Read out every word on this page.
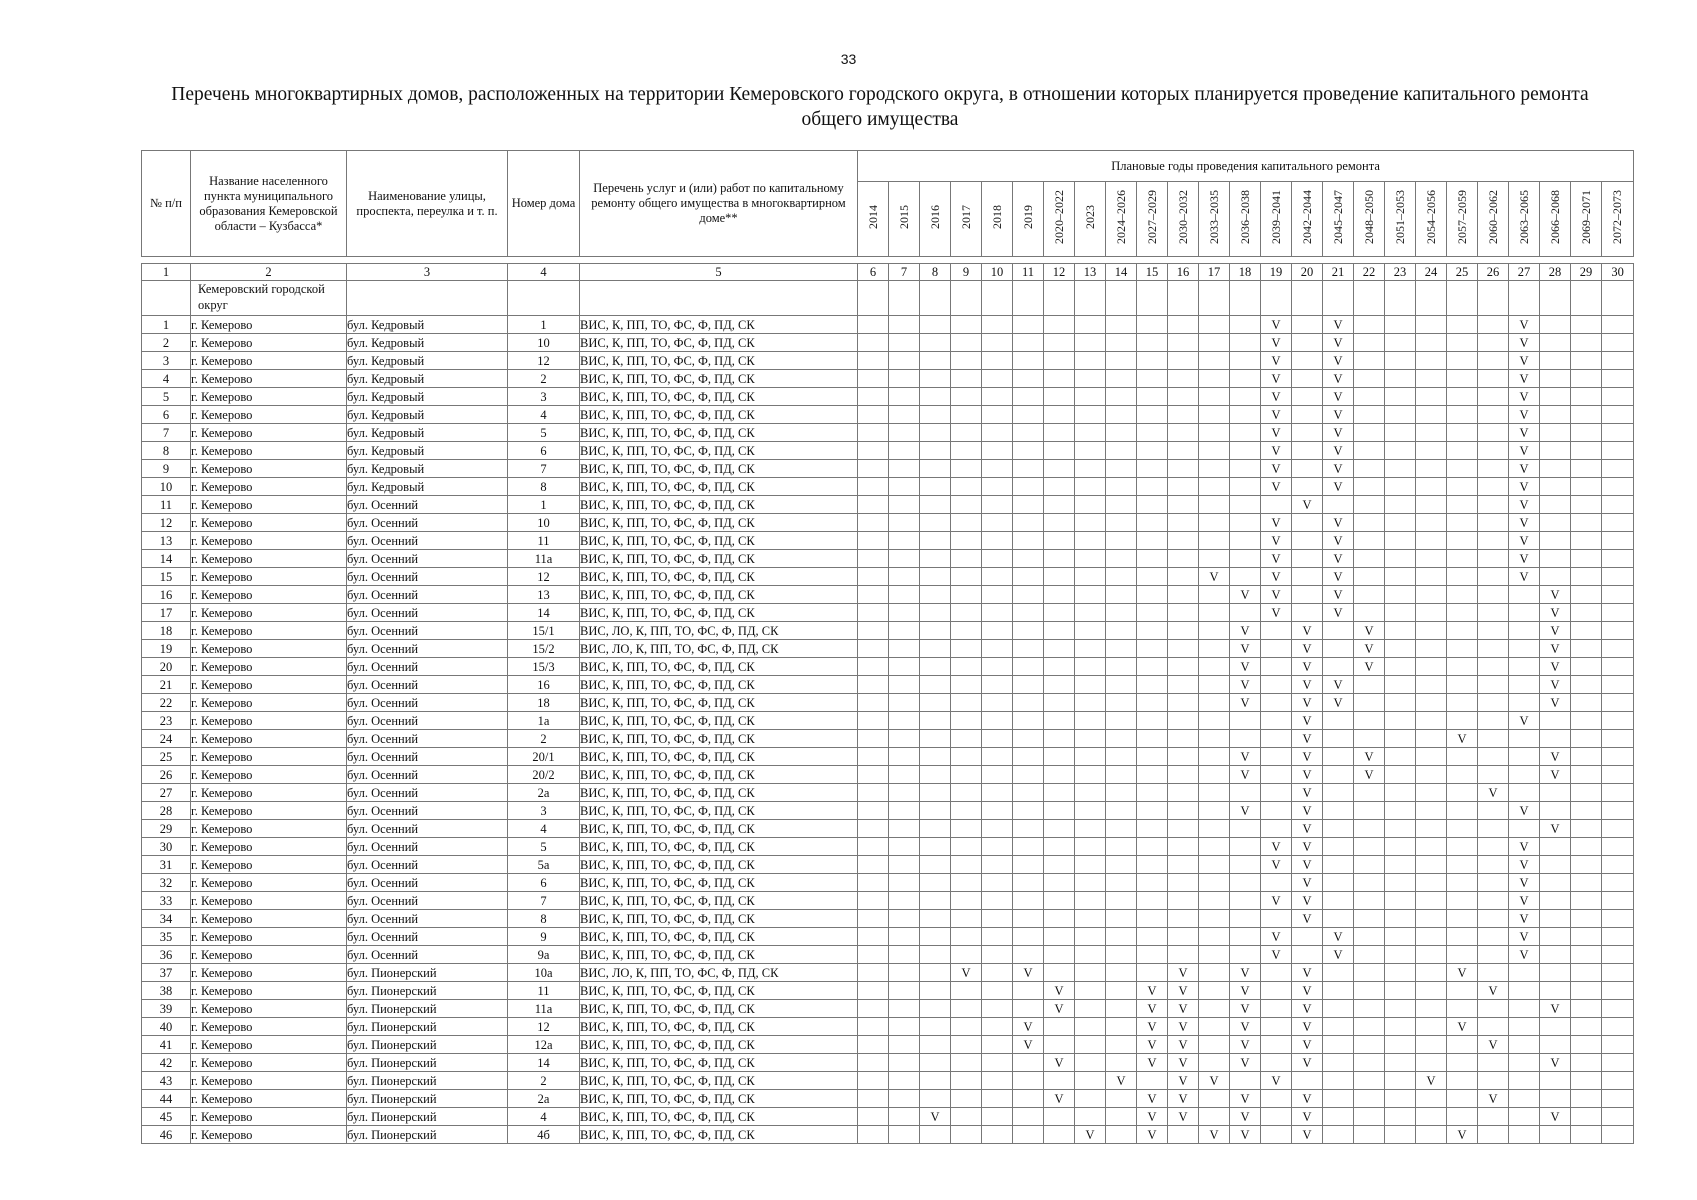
33
Перечень многоквартирных домов, расположенных на территории Кемеровского городского округа, в отношении которых планируется проведение капитального ремонта общего имущества
№ п/п	Название населенного пункта муниципального образования Кемеровской области – Кузбасса*	Наименование улицы, проспекта, переулка и т. п.	Номер дома	Перечень услуг и (или) работ по капитальному ремонту общего имущества в многоквартирном доме**	Плановые годы проведения капитального ремонта																								
					2014	2015	2016	2017	2018	2019	2020–2022	2023	2024–2026	2027–2029	2030–2032	2033–2035	2036–2038	2039–2041	2042–2044	2045–2047	2048–2050	2051–2053	2054–2056	2057–2059	2060–2062	2063–2065	2066–2068	2069–2071	2072–2073

1	2	3	4	5	6	7	8	9	10	11	12	13	14	15	16	17	18	19	20	21	22	23	24	25	26	27	28	29	30
	Кемеровский городской округ																												
1	г. Кемерово	бул. Кедровый	1	ВИС, К, ПП, ТО, ФС, Ф, ПД, СК														V		V						V			
2	г. Кемерово	бул. Кедровый	10	ВИС, К, ПП, ТО, ФС, Ф, ПД, СК														V		V						V			
3	г. Кемерово	бул. Кедровый	12	ВИС, К, ПП, ТО, ФС, Ф, ПД, СК														V		V						V			
4	г. Кемерово	бул. Кедровый	2	ВИС, К, ПП, ТО, ФС, Ф, ПД, СК														V		V						V			
5	г. Кемерово	бул. Кедровый	3	ВИС, К, ПП, ТО, ФС, Ф, ПД, СК														V		V						V			
6	г. Кемерово	бул. Кедровый	4	ВИС, К, ПП, ТО, ФС, Ф, ПД, СК														V		V						V			
7	г. Кемерово	бул. Кедровый	5	ВИС, К, ПП, ТО, ФС, Ф, ПД, СК														V		V						V			
8	г. Кемерово	бул. Кедровый	6	ВИС, К, ПП, ТО, ФС, Ф, ПД, СК														V		V						V			
9	г. Кемерово	бул. Кедровый	7	ВИС, К, ПП, ТО, ФС, Ф, ПД, СК														V		V						V			
10	г. Кемерово	бул. Кедровый	8	ВИС, К, ПП, ТО, ФС, Ф, ПД, СК														V		V						V			
11	г. Кемерово	бул. Осенний	1	ВИС, К, ПП, ТО, ФС, Ф, ПД, СК															V							V			
12	г. Кемерово	бул. Осенний	10	ВИС, К, ПП, ТО, ФС, Ф, ПД, СК														V		V						V			
13	г. Кемерово	бул. Осенний	11	ВИС, К, ПП, ТО, ФС, Ф, ПД, СК														V		V						V			
14	г. Кемерово	бул. Осенний	11а	ВИС, К, ПП, ТО, ФС, Ф, ПД, СК														V		V						V			
15	г. Кемерово	бул. Осенний	12	ВИС, К, ПП, ТО, ФС, Ф, ПД, СК												V		V		V						V			
16	г. Кемерово	бул. Осенний	13	ВИС, К, ПП, ТО, ФС, Ф, ПД, СК													V	V		V							V		
17	г. Кемерово	бул. Осенний	14	ВИС, К, ПП, ТО, ФС, Ф, ПД, СК														V		V							V		
18	г. Кемерово	бул. Осенний	15/1	ВИС, ЛО, К, ПП, ТО, ФС, Ф, ПД, СК													V		V		V						V		
19	г. Кемерово	бул. Осенний	15/2	ВИС, ЛО, К, ПП, ТО, ФС, Ф, ПД, СК													V		V		V						V		
20	г. Кемерово	бул. Осенний	15/3	ВИС, К, ПП, ТО, ФС, Ф, ПД, СК													V		V		V						V		
21	г. Кемерово	бул. Осенний	16	ВИС, К, ПП, ТО, ФС, Ф, ПД, СК													V		V	V							V		
22	г. Кемерово	бул. Осенний	18	ВИС, К, ПП, ТО, ФС, Ф, ПД, СК													V		V	V							V		
23	г. Кемерово	бул. Осенний	1а	ВИС, К, ПП, ТО, ФС, Ф, ПД, СК															V							V			
24	г. Кемерово	бул. Осенний	2	ВИС, К, ПП, ТО, ФС, Ф, ПД, СК															V					V					
25	г. Кемерово	бул. Осенний	20/1	ВИС, К, ПП, ТО, ФС, Ф, ПД, СК													V		V		V						V		
26	г. Кемерово	бул. Осенний	20/2	ВИС, К, ПП, ТО, ФС, Ф, ПД, СК													V		V		V						V		
27	г. Кемерово	бул. Осенний	2а	ВИС, К, ПП, ТО, ФС, Ф, ПД, СК															V						V				
28	г. Кемерово	бул. Осенний	3	ВИС, К, ПП, ТО, ФС, Ф, ПД, СК													V		V							V			
29	г. Кемерово	бул. Осенний	4	ВИС, К, ПП, ТО, ФС, Ф, ПД, СК															V								V		
30	г. Кемерово	бул. Осенний	5	ВИС, К, ПП, ТО, ФС, Ф, ПД, СК														V	V							V			
31	г. Кемерово	бул. Осенний	5а	ВИС, К, ПП, ТО, ФС, Ф, ПД, СК														V	V							V			
32	г. Кемерово	бул. Осенний	6	ВИС, К, ПП, ТО, ФС, Ф, ПД, СК															V							V			
33	г. Кемерово	бул. Осенний	7	ВИС, К, ПП, ТО, ФС, Ф, ПД, СК														V	V							V			
34	г. Кемерово	бул. Осенний	8	ВИС, К, ПП, ТО, ФС, Ф, ПД, СК															V							V			
35	г. Кемерово	бул. Осенний	9	ВИС, К, ПП, ТО, ФС, Ф, ПД, СК														V		V						V			
36	г. Кемерово	бул. Осенний	9а	ВИС, К, ПП, ТО, ФС, Ф, ПД, СК														V		V						V			
37	г. Кемерово	бул. Пионерский	10а	ВИС, ЛО, К, ПП, ТО, ФС, Ф, ПД, СК				V		V					V		V		V					V					
38	г. Кемерово	бул. Пионерский	11	ВИС, К, ПП, ТО, ФС, Ф, ПД, СК							V			V	V		V		V						V				
39	г. Кемерово	бул. Пионерский	11а	ВИС, К, ПП, ТО, ФС, Ф, ПД, СК							V			V	V		V		V								V		
40	г. Кемерово	бул. Пионерский	12	ВИС, К, ПП, ТО, ФС, Ф, ПД, СК						V				V	V		V		V					V					
41	г. Кемерово	бул. Пионерский	12а	ВИС, К, ПП, ТО, ФС, Ф, ПД, СК						V				V	V		V		V						V				
42	г. Кемерово	бул. Пионерский	14	ВИС, К, ПП, ТО, ФС, Ф, ПД, СК							V			V	V		V		V								V		
43	г. Кемерово	бул. Пионерский	2	ВИС, К, ПП, ТО, ФС, Ф, ПД, СК									V		V	V		V					V						
44	г. Кемерово	бул. Пионерский	2а	ВИС, К, ПП, ТО, ФС, Ф, ПД, СК							V			V	V		V		V						V				
45	г. Кемерово	бул. Пионерский	4	ВИС, К, ПП, ТО, ФС, Ф, ПД, СК			V							V	V		V		V								V		
46	г. Кемерово	бул. Пионерский	4б	ВИС, К, ПП, ТО, ФС, Ф, ПД, СК								V		V		V	V		V					V					
